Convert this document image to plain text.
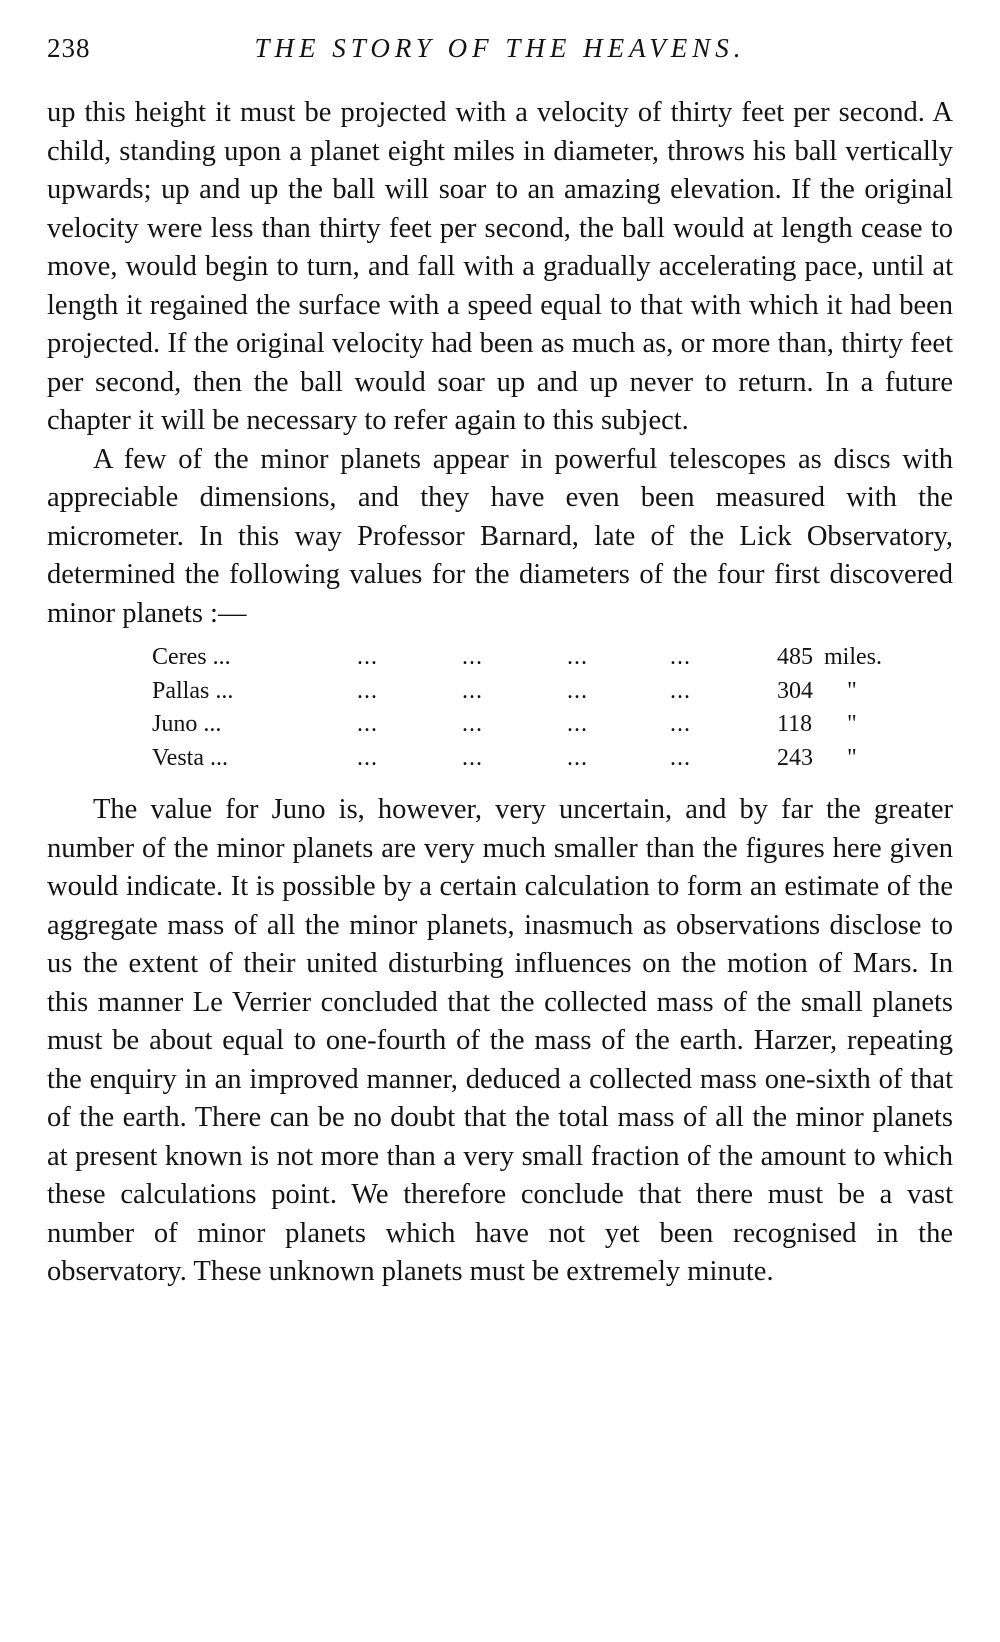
238	THE STORY OF THE HEAVENS.

up this height it must be projected with a velocity of thirty feet per second. A child, standing upon a planet eight miles in diameter, throws his ball vertically upwards; up and up the ball will soar to an amazing elevation. If the original velocity were less than thirty feet per second, the ball would at length cease to move, would begin to turn, and fall with a gradually accelerating pace, until at length it regained the surface with a speed equal to that with which it had been projected. If the original velocity had been as much as, or more than, thirty feet per second, then the ball would soar up and up never to return. In a future chapter it will be necessary to refer again to this subject.

A few of the minor planets appear in powerful telescopes as discs with appreciable dimensions, and they have even been measured with the micrometer. In this way Professor Barnard, late of the Lick Observatory, determined the following values for the diameters of the four first discovered minor planets :—

Ceres ...	...	...	...	...	485 miles.
Pallas ...	...	...	...	...	304 "
Juno ...	...	...	...	...	118 "
Vesta ...	...	...	...	...	243 "

The value for Juno is, however, very uncertain, and by far the greater number of the minor planets are very much smaller than the figures here given would indicate. It is possible by a certain calculation to form an estimate of the aggregate mass of all the minor planets, inasmuch as observations disclose to us the extent of their united disturbing influences on the motion of Mars. In this manner Le Verrier concluded that the collected mass of the small planets must be about equal to one-fourth of the mass of the earth. Harzer, repeating the enquiry in an improved manner, deduced a collected mass one-sixth of that of the earth. There can be no doubt that the total mass of all the minor planets at present known is not more than a very small fraction of the amount to which these calculations point. We therefore conclude that there must be a vast number of minor planets which have not yet been recognised in the observatory. These unknown planets must be extremely minute.
